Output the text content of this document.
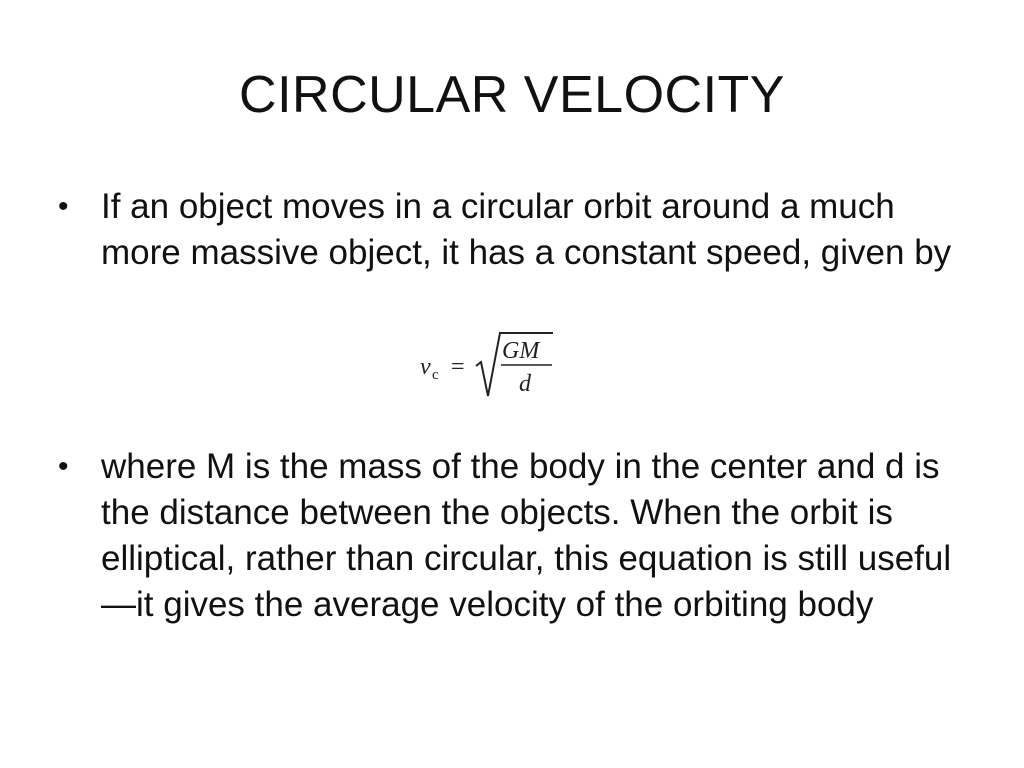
CIRCULAR VELOCITY
• If an object moves in a circular orbit around a much more massive object, it has a constant speed, given by
v c =
GM
d
• where M is the mass of the body in the center and d is the distance between the objects. When the orbit is elliptical, rather than circular, this equation is still useful—it gives the average velocity of the orbiting body
